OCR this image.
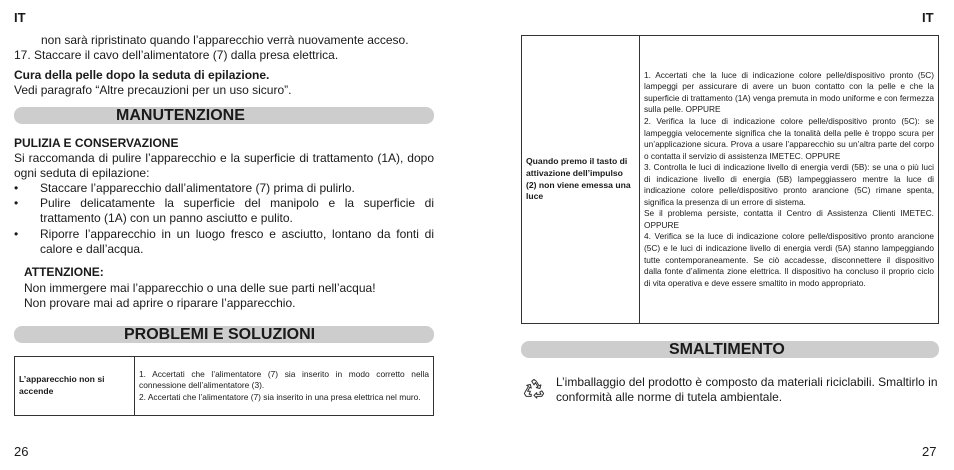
IT
non sarà ripristinato quando l’apparecchio verrà nuovamente acceso.
17. Staccare il cavo dell’alimentatore (7) dalla presa elettrica.
Cura della pelle dopo la seduta di epilazione.
Vedi paragrafo “Altre precauzioni per un uso sicuro”.
MANUTENZIONE
PULIZIA E CONSERVAZIONE
Si raccomanda di pulire l’apparecchio e la superficie di trattamento (1A), dopo ogni seduta di epilazione:
• Staccare l’apparecchio dall’alimentatore (7) prima di pulirlo.
• Pulire delicatamente la superficie del manipolo e la superficie di trattamento (1A) con un panno asciutto e pulito.
• Riporre l’apparecchio in un luogo fresco e asciutto, lontano da fonti di calore e dall’acqua.
ATTENZIONE:
Non immergere mai l’apparecchio o una delle sue parti nell’acqua!
Non provare mai ad aprire o riparare l’apparecchio.
PROBLEMI E SOLUZIONI
L’apparecchio non si accende	
1. Accertati che l’alimentatore (7) sia inserito in modo corretto nella connessione dell’alimentatore (3).
2. Accertati che l’alimentatore (7) sia inserito in una presa elettrica nel muro.
26
IT
Quando premo il tasto di attivazione dell’impulso (2) non viene emessa una luce	
1. Accertati che la luce di indicazione colore pelle/dispositivo pronto (5C) lampeggi per assicurare di avere un buon contatto con la pelle e che la superficie di trattamento (1A) venga premuta in modo uniforme e con fermezza sulla pelle. OPPURE
2. Verifica la luce di indicazione colore pelle/dispositivo pronto (5C): se lampeggia velocemente significa che la tonalità della pelle è troppo scura per un’applicazione sicura. Prova a usare l’apparecchio su un’altra parte del corpo o contatta il servizio di assistenza IMETEC. OPPURE
3. Controlla le luci di indicazione livello di energia verdi (5B): se una o più luci di indicazione livello di energia (5B) lampeggiassero mentre la luce di indicazione colore pelle/dispositivo pronto arancione (5C) rimane spenta, significa la presenza di un errore di sistema.
Se il problema persiste, contatta il Centro di Assistenza Clienti IMETEC. OPPURE
4. Verifica se la luce di indicazione colore pelle/dispositivo pronto arancione (5C) e le luci di indicazione livello di energia verdi (5A) stanno lampeggiando tutte contemporaneamente. Se ciò accadesse, disconnettere il dispositivo dalla fonte d’alimenta zione elettrica. Il dispositivo ha concluso il proprio ciclo di vita operativa e deve essere smaltito in modo appropriato.
SMALTIMENTO
L’imballaggio del prodotto è composto da materiali riciclabili. Smaltirlo in conformità alle norme di tutela ambientale.
27
